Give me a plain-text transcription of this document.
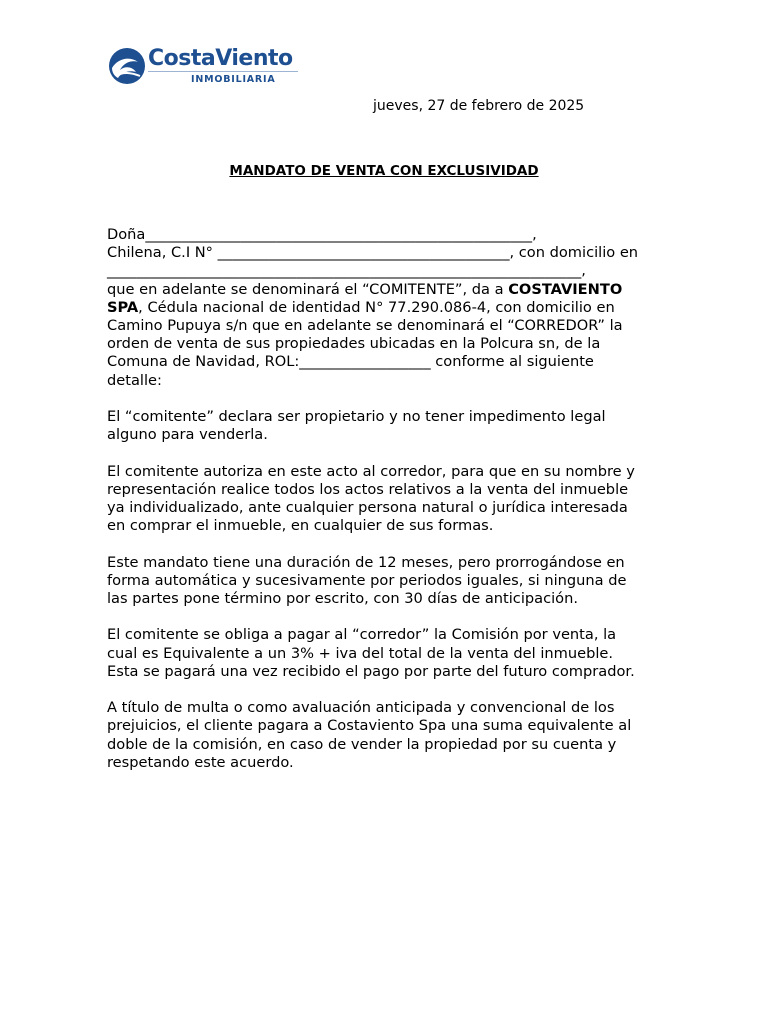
CostaViento
INMOBILIARIA
jueves, 27 de febrero de 2025
MANDATO DE VENTA CON EXCLUSIVIDAD
Doña_____________________________________________________,
Chilena, C.I N° ________________________________________, con domicilio en
_________________________________________________________________,
que en adelante se denominará el “COMITENTE”, da a COSTAVIENTO
SPA, Cédula nacional de identidad N° 77.290.086-4, con domicilio en
Camino Pupuya s/n que en adelante se denominará el “CORREDOR” la
orden de venta de sus propiedades ubicadas en la Polcura sn, de la
Comuna de Navidad, ROL:__________________ conforme al siguiente
detalle:
El “comitente” declara ser propietario y no tener impedimento legal
alguno para venderla.
El comitente autoriza en este acto al corredor, para que en su nombre y
representación realice todos los actos relativos a la venta del inmueble
ya individualizado, ante cualquier persona natural o jurídica interesada
en comprar el inmueble, en cualquier de sus formas.
Este mandato tiene una duración de 12 meses, pero prorrogándose en
forma automática y sucesivamente por periodos iguales, si ninguna de
las partes pone término por escrito, con 30 días de anticipación.
El comitente se obliga a pagar al “corredor” la Comisión por venta, la
cual es Equivalente a un 3% + iva del total de la venta del inmueble.
Esta se pagará una vez recibido el pago por parte del futuro comprador.
A título de multa o como avaluación anticipada y convencional de los
prejuicios, el cliente pagara a Costaviento Spa una suma equivalente al
doble de la comisión, en caso de vender la propiedad por su cuenta y
respetando este acuerdo.
